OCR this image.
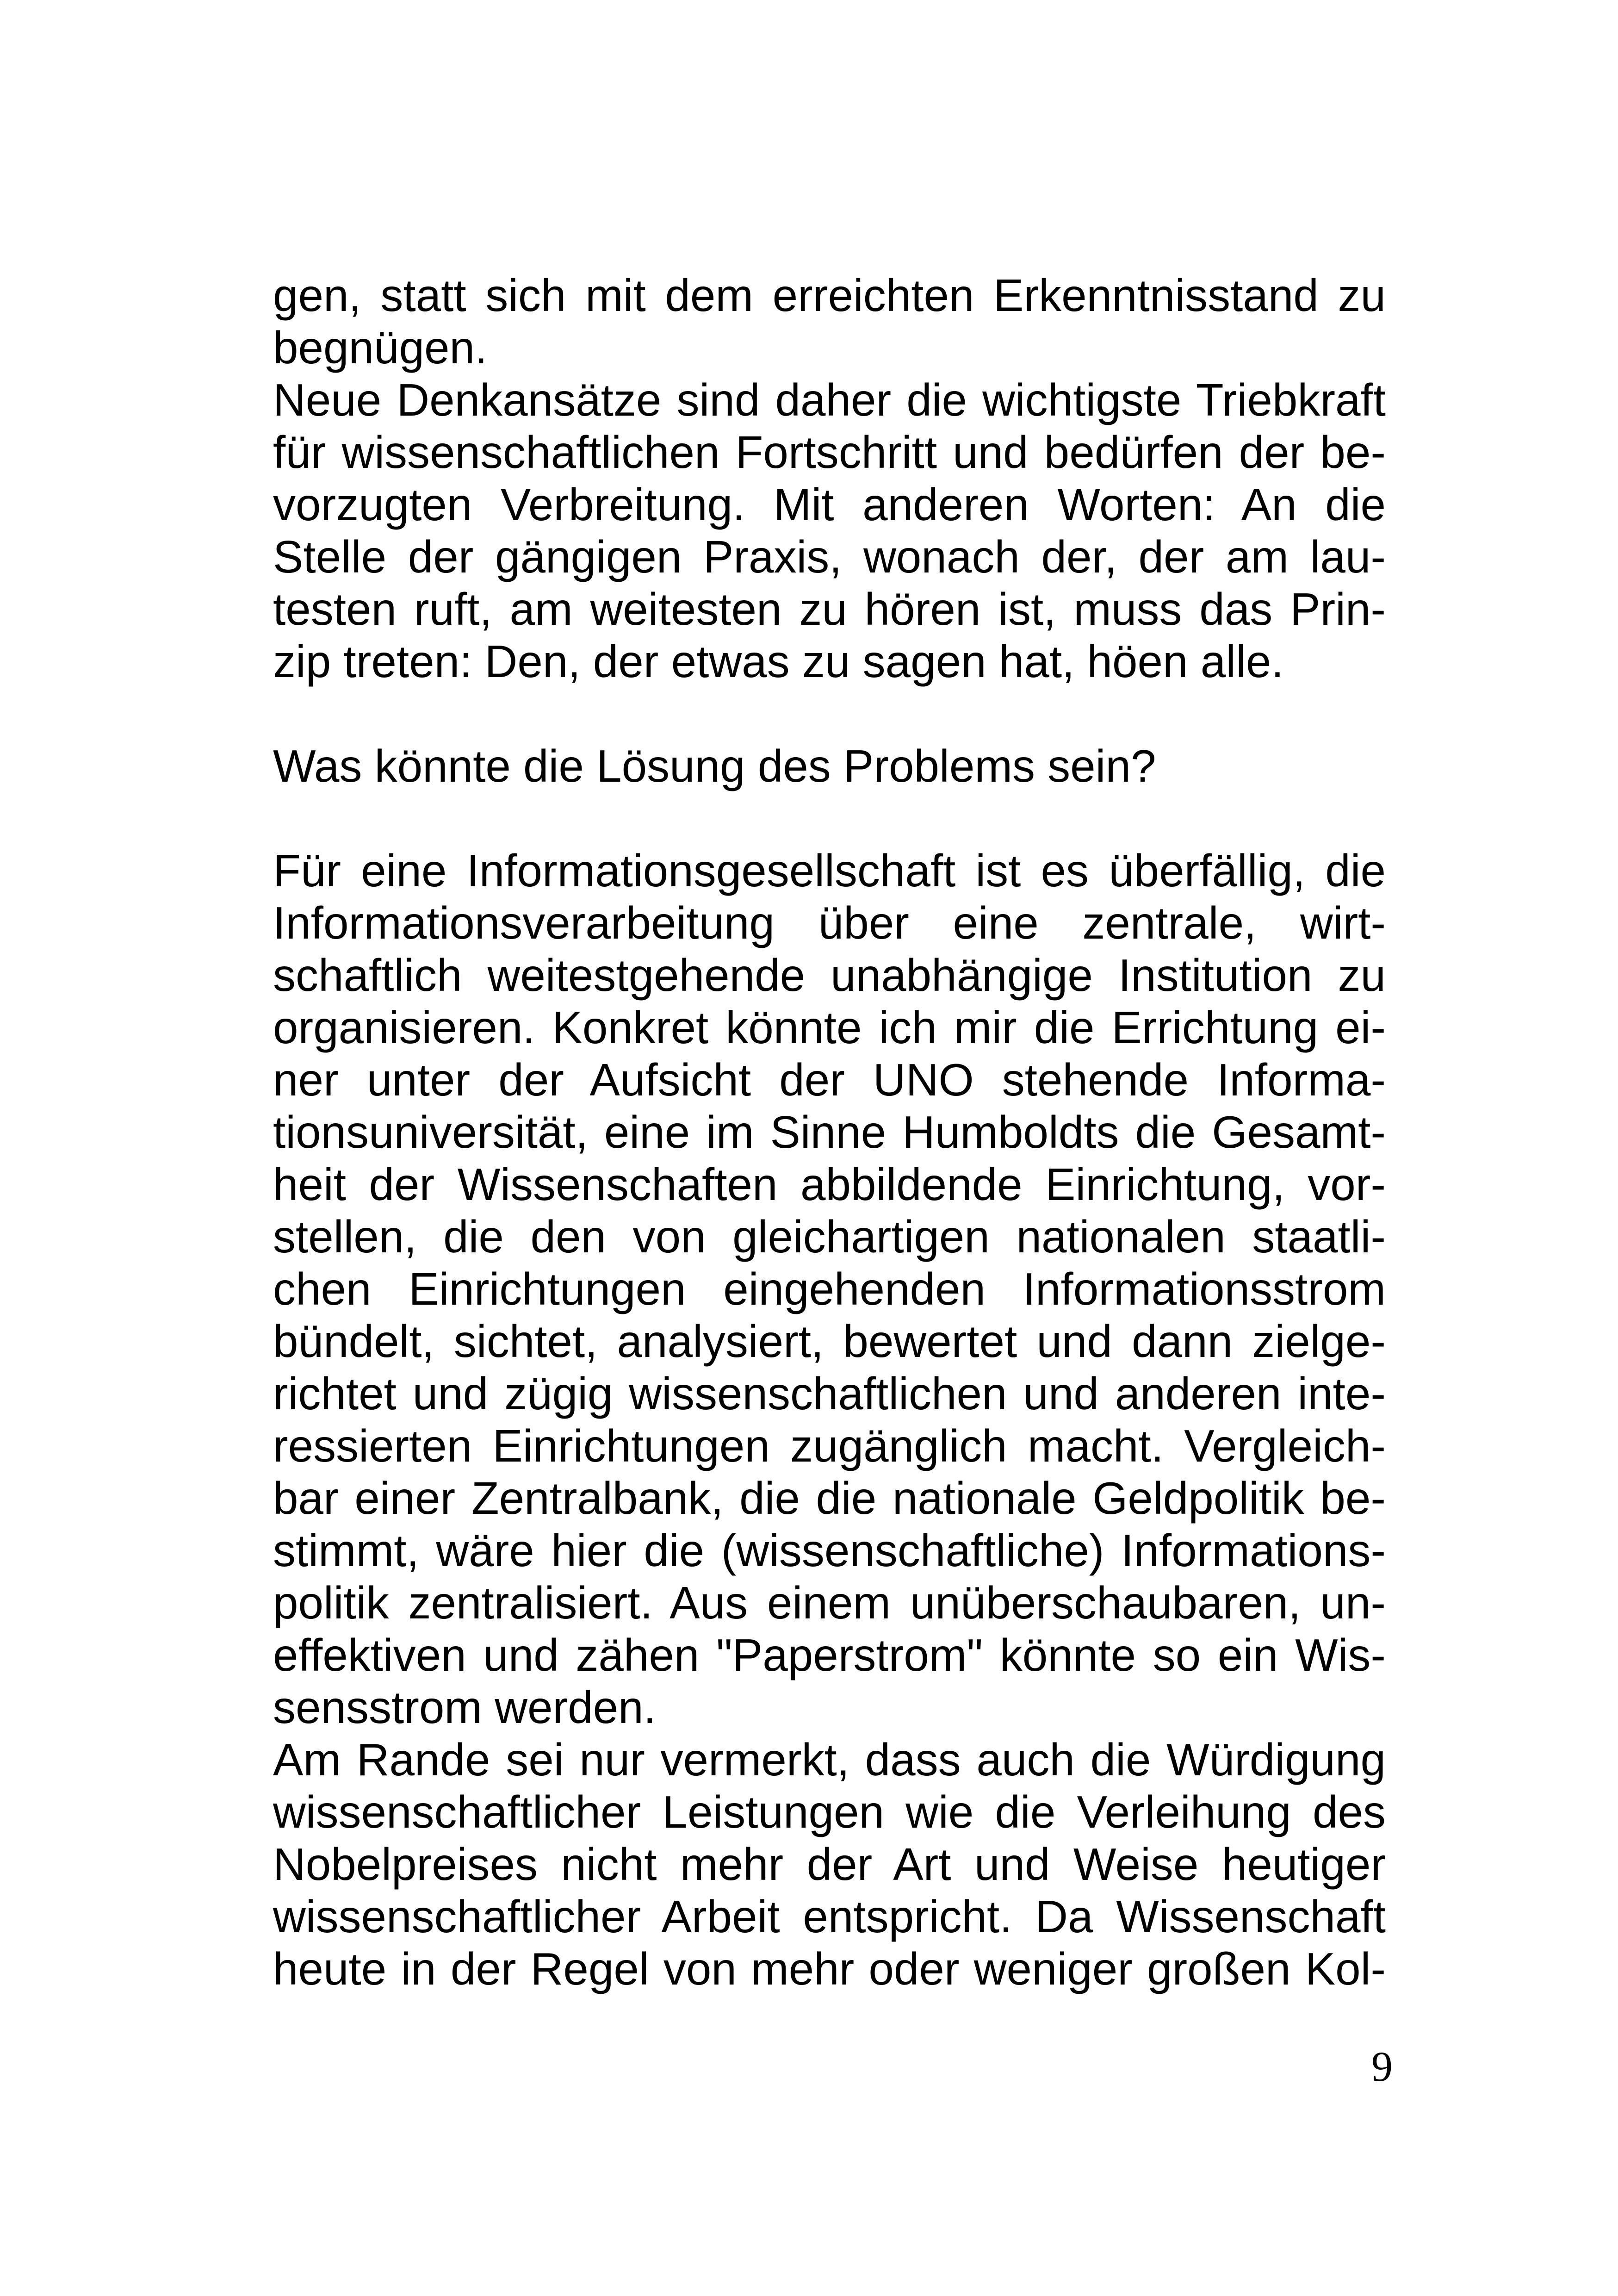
gen, statt sich mit dem erreichten Erkenntnisstand zu
begnügen.
Neue Denkansätze sind daher die wichtigste Triebkraft
für wissenschaftlichen Fortschritt und bedürfen der be-
vorzugten Verbreitung. Mit anderen Worten: An die
Stelle der gängigen Praxis, wonach der, der am lau-
testen ruft, am weitesten zu hören ist, muss das Prin-
zip treten: Den, der etwas zu sagen hat, höen alle.
Was könnte die Lösung des Problems sein?
Für eine Informationsgesellschaft ist es überfällig, die
Informationsverarbeitung über eine zentrale, wirt-
schaftlich weitestgehende unabhängige Institution zu
organisieren. Konkret könnte ich mir die Errichtung ei-
ner unter der Aufsicht der UNO stehende Informa-
tionsuniversität, eine im Sinne Humboldts die Gesamt-
heit der Wissenschaften abbildende Einrichtung, vor-
stellen, die den von gleichartigen nationalen staatli-
chen Einrichtungen eingehenden Informationsstrom
bündelt, sichtet, analysiert, bewertet und dann zielge-
richtet und zügig wissenschaftlichen und anderen inte-
ressierten Einrichtungen zugänglich macht. Vergleich-
bar einer Zentralbank, die die nationale Geldpolitik be-
stimmt, wäre hier die (wissenschaftliche) Informations-
politik zentralisiert. Aus einem unüberschaubaren, un-
effektiven und zähen "Paperstrom" könnte so ein Wis-
sensstrom werden.
Am Rande sei nur vermerkt, dass auch die Würdigung
wissenschaftlicher Leistungen wie die Verleihung des
Nobelpreises nicht mehr der Art und Weise heutiger
wissenschaftlicher Arbeit entspricht. Da Wissenschaft
heute in der Regel von mehr oder weniger großen Kol-
9
